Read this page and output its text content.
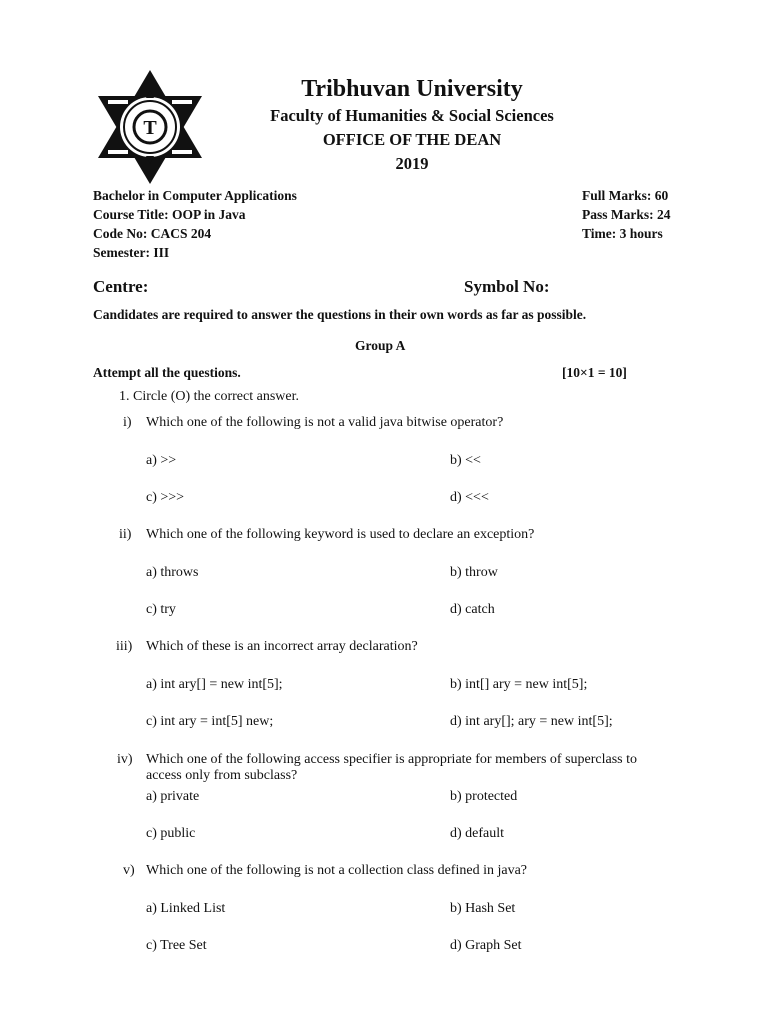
T
Tribhuvan University
Faculty of Humanities & Social Sciences
OFFICE OF THE DEAN
2019
Bachelor in Computer Applications
Course Title: OOP in Java
Code No: CACS 204
Semester: III
Full Marks: 60
Pass Marks: 24
Time: 3 hours
Centre:	Symbol No:
Candidates are required to answer the questions in their own words as far as possible.
Group A
Attempt all the questions.	[10×1 = 10]
1. Circle (O) the correct answer.
i) Which one of the following is not a valid java bitwise operator?
a) >>	b) <<
c) >>>	d) <<<
ii) Which one of the following keyword is used to declare an exception?
a) throws	b) throw
c) try	d) catch
iii) Which of these is an incorrect array declaration?
a) int ary[] = new int[5];	b) int[] ary = new int[5];
c) int ary = int[5] new;	d) int ary[]; ary = new int[5];
iv) Which one of the following access specifier is appropriate for members of superclass to
access only from subclass?
a) private	b) protected
c) public	d) default
v) Which one of the following is not a collection class defined in java?
a) Linked List	b) Hash Set
c) Tree Set	d) Graph Set
